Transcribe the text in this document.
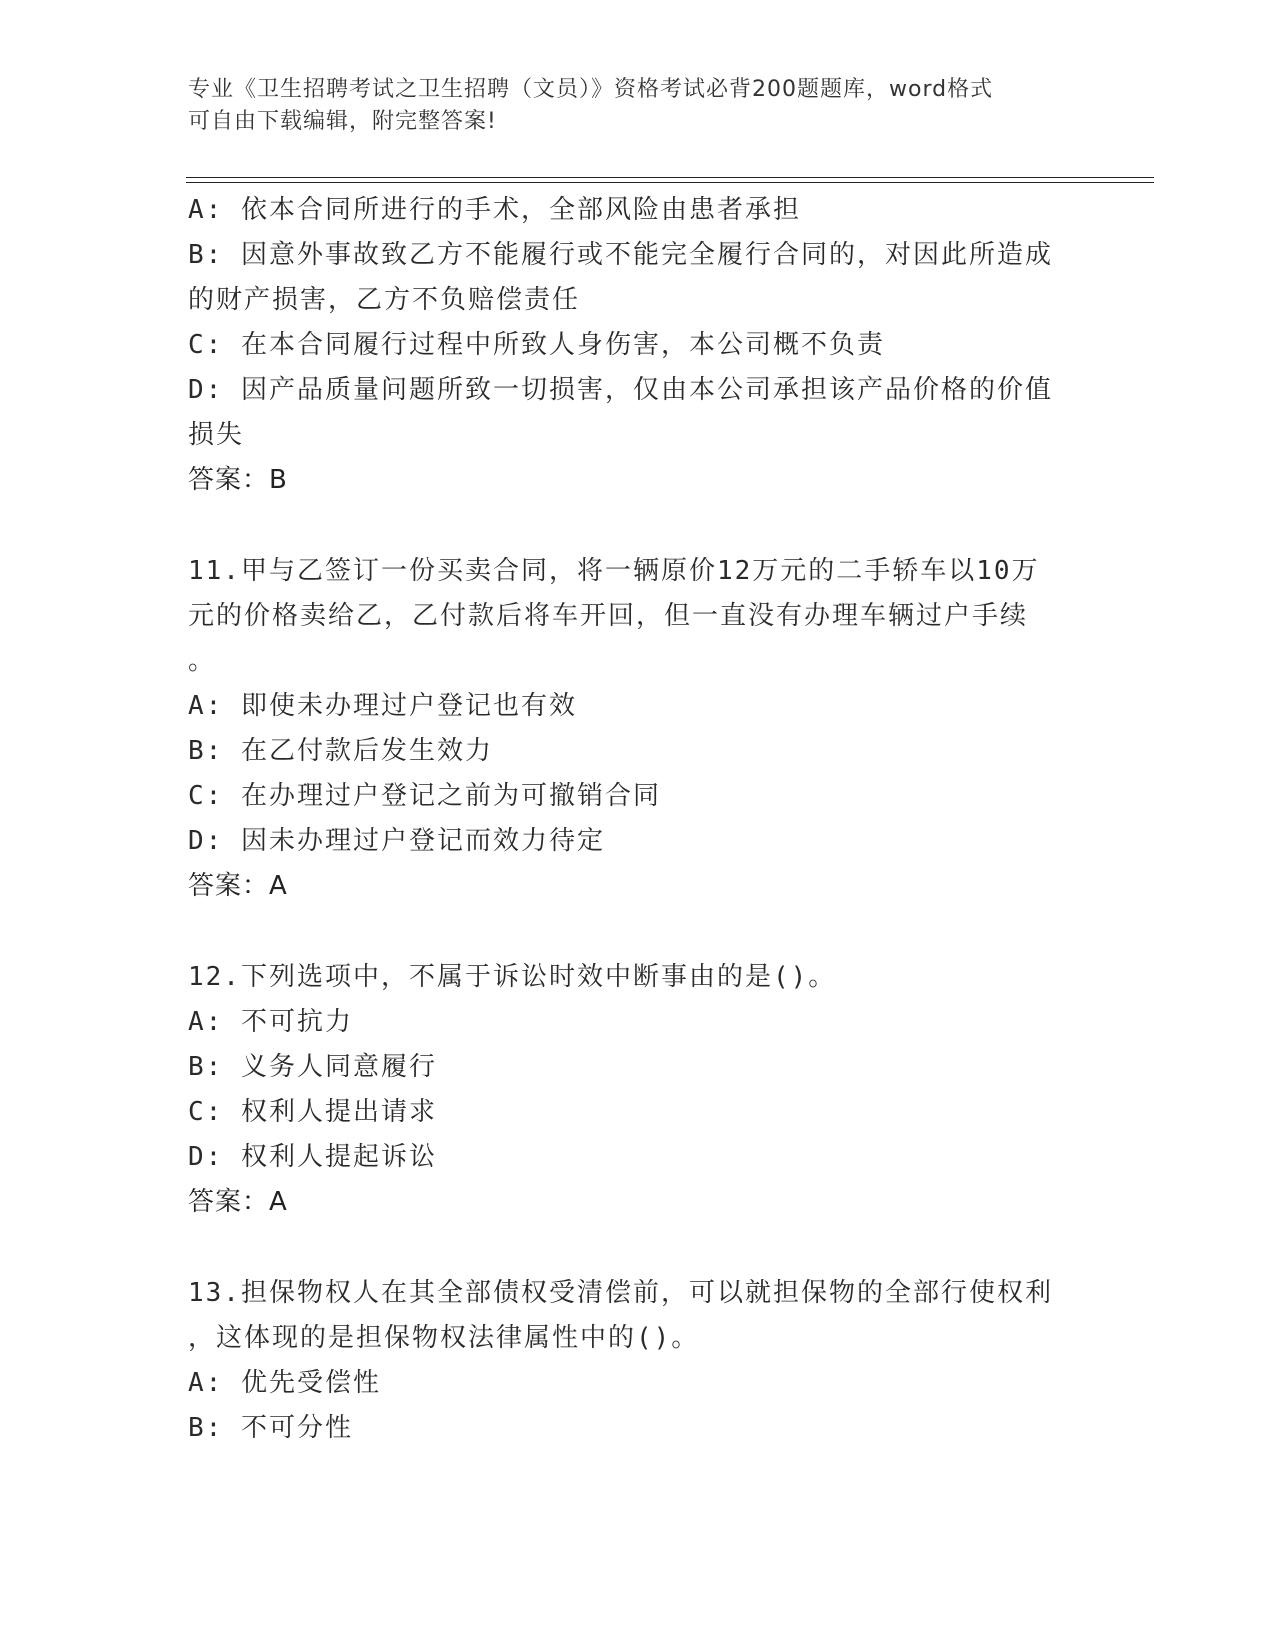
专业《卫生招聘考试之卫生招聘（文员）》资格考试必背200题题库，word格式
可自由下载编辑，附完整答案!
A: 依本合同所进行的手术，全部风险由患者承担
B: 因意外事故致乙方不能履行或不能完全履行合同的，对因此所造成
的财产损害，乙方不负赔偿责任
C: 在本合同履行过程中所致人身伤害，本公司概不负责
D: 因产品质量问题所致一切损害，仅由本公司承担该产品价格的价值
损失
答案：B
11.甲与乙签订一份买卖合同，将一辆原价12万元的二手轿车以10万
元的价格卖给乙，乙付款后将车开回，但一直没有办理车辆过户手续
。
A: 即使未办理过户登记也有效
B: 在乙付款后发生效力
C: 在办理过户登记之前为可撤销合同
D: 因未办理过户登记而效力待定
答案：A
12.下列选项中，不属于诉讼时效中断事由的是()。
A: 不可抗力
B: 义务人同意履行
C: 权利人提出请求
D: 权利人提起诉讼
答案：A
13.担保物权人在其全部债权受清偿前，可以就担保物的全部行使权利
，这体现的是担保物权法律属性中的()。
A: 优先受偿性
B: 不可分性
